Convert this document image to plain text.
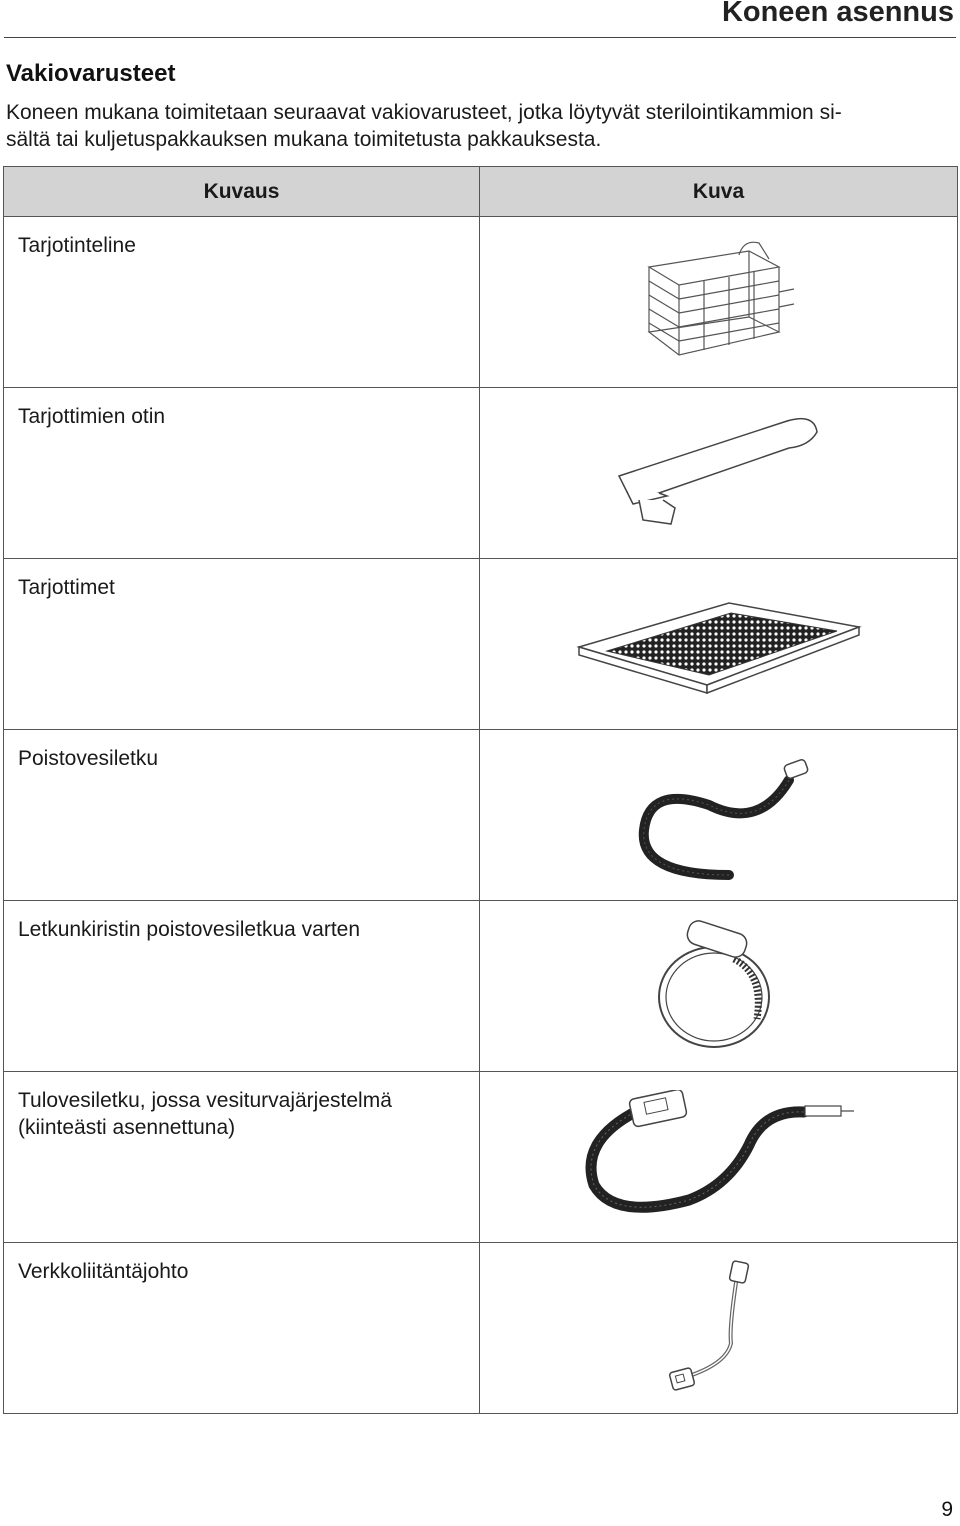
Koneen asennus
Vakiovarusteet
Koneen mukana toimitetaan seuraavat vakiovarusteet, jotka löytyvät sterilointikammion si-
sältä tai kuljetuspakkauksen mukana toimitetusta pakkauksesta.
Kuvaus	Kuva
Tarjotinteline	

Tarjottimien otin	

Tarjottimet	

Poistovesiletku	

Letkunkiristin poistovesiletkua varten	

Tulovesiletku, jossa vesiturvajärjestelmä
(kiinteästi asennettuna)	

Verkkoliitäntäjohto	
9
